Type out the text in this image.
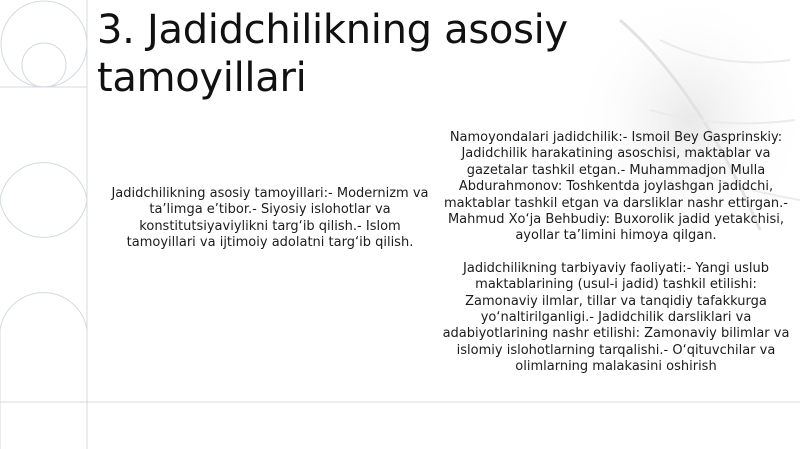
3. Jadidchilikning asosiy tamoyillari
Jadidchilikning asosiy tamoyillari:- Modernizm va ta’limga e’tibor.- Siyosiy islohotlar va konstitutsiyaviylikni targ‘ib qilish.- Islom tamoyillari va ijtimoiy adolatni targ‘ib qilish.

Namoyondalari jadidchilik:- Ismoil Bey Gasprinskiy: Jadidchilik harakatining asoschisi, maktablar va gazetalar tashkil etgan.- Muhammadjon Mulla Abdurahmonov: Toshkentda joylashgan jadidchi, maktablar tashkil etgan va darsliklar nashr ettirgan.- Mahmud Xo‘ja Behbudiy: Buxorolik jadid yetakchisi, ayollar ta’limini himoya qilgan.

Jadidchilikning tarbiyaviy faoliyati:- Yangi uslub maktablarining (usul-i jadid) tashkil etilishi: Zamonaviy ilmlar, tillar va tanqidiy tafakkurga yo‘naltirilganligi.- Jadidchilik darsliklari va adabiyotlarining nashr etilishi: Zamonaviy bilimlar va islomiy islohotlarning tarqalishi.- O‘qituvchilar va olimlarning malakasini oshirish
